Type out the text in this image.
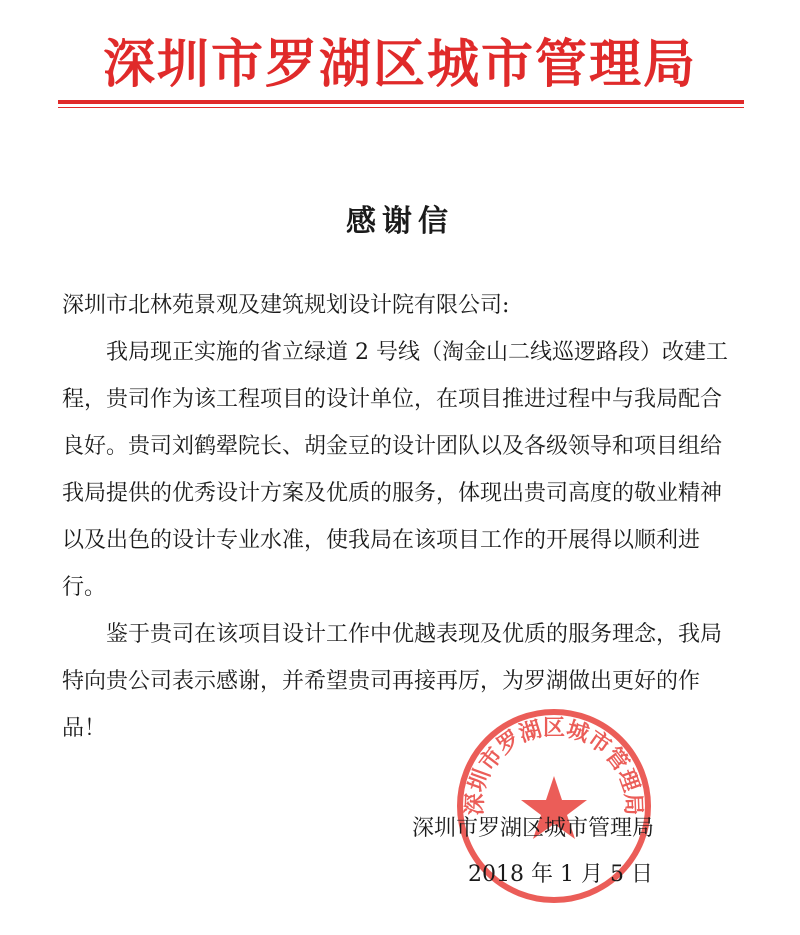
深圳市罗湖区城市管理局
感谢信

深圳市北林苑景观及建筑规划设计院有限公司:

我局现正实施的省立绿道 2 号线（淘金山二线巡逻路段）改建工程，贵司作为该工程项目的设计单位，在项目推进过程中与我局配合良好。贵司刘鹤翚院长、胡金豆的设计团队以及各级领导和项目组给我局提供的优秀设计方案及优质的服务，体现出贵司高度的敬业精神以及出色的设计专业水准，使我局在该项目工作的开展得以顺利进行。

鉴于贵司在该项目设计工作中优越表现及优质的服务理念，我局特向贵公司表示感谢，并希望贵司再接再厉，为罗湖做出更好的作品！

深圳市罗湖区城市管理局
深圳市罗湖区城市管理局
2018 年 1 月 5 日
